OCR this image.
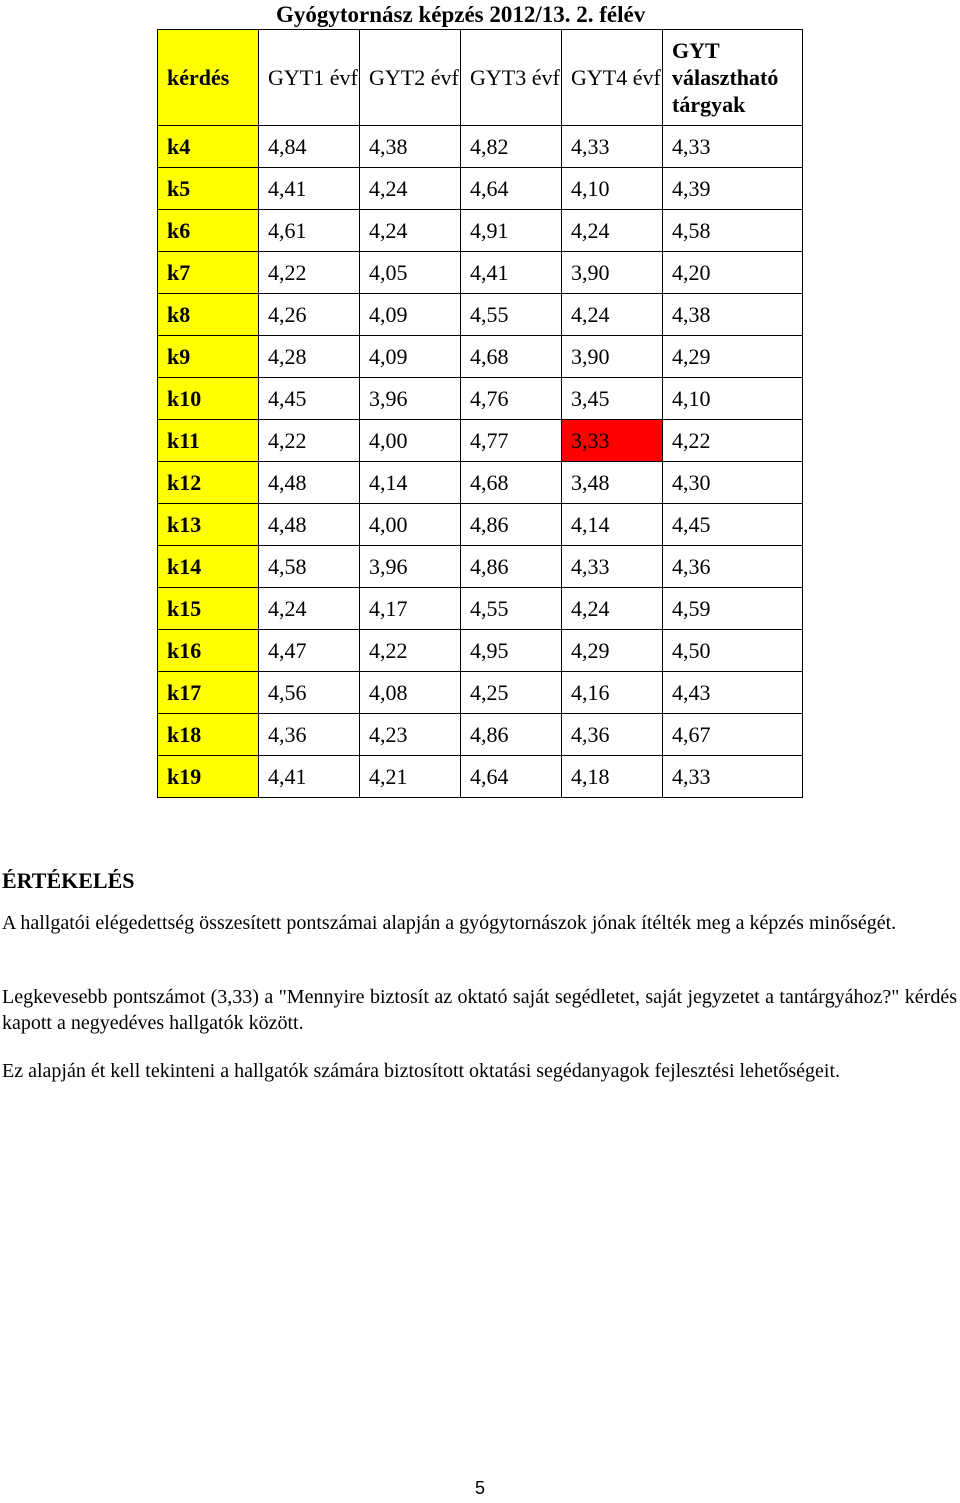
Gyógytornász képzés 2012/13. 2. félév
kérdés	GYT1 évf	GYT2 évf	GYT3 évf	GYT4 évf	GYT választható tárgyak
k4	4,84	4,38	4,82	4,33	4,33
k5	4,41	4,24	4,64	4,10	4,39
k6	4,61	4,24	4,91	4,24	4,58
k7	4,22	4,05	4,41	3,90	4,20
k8	4,26	4,09	4,55	4,24	4,38
k9	4,28	4,09	4,68	3,90	4,29
k10	4,45	3,96	4,76	3,45	4,10
k11	4,22	4,00	4,77	3,33	4,22
k12	4,48	4,14	4,68	3,48	4,30
k13	4,48	4,00	4,86	4,14	4,45
k14	4,58	3,96	4,86	4,33	4,36
k15	4,24	4,17	4,55	4,24	4,59
k16	4,47	4,22	4,95	4,29	4,50
k17	4,56	4,08	4,25	4,16	4,43
k18	4,36	4,23	4,86	4,36	4,67
k19	4,41	4,21	4,64	4,18	4,33
ÉRTÉKELÉS
A hallgatói elégedettség összesített pontszámai alapján a gyógytornászok jónak ítélték meg a képzés minőségét.
Legkevesebb pontszámot (3,33) a "Mennyire biztosít az oktató saját segédletet, saját jegyzetet a tantárgyához?" kérdés kapott a negyedéves hallgatók között.
Ez alapján ét kell tekinteni a hallgatók számára biztosított oktatási segédanyagok fejlesztési lehetőségeit.
5
